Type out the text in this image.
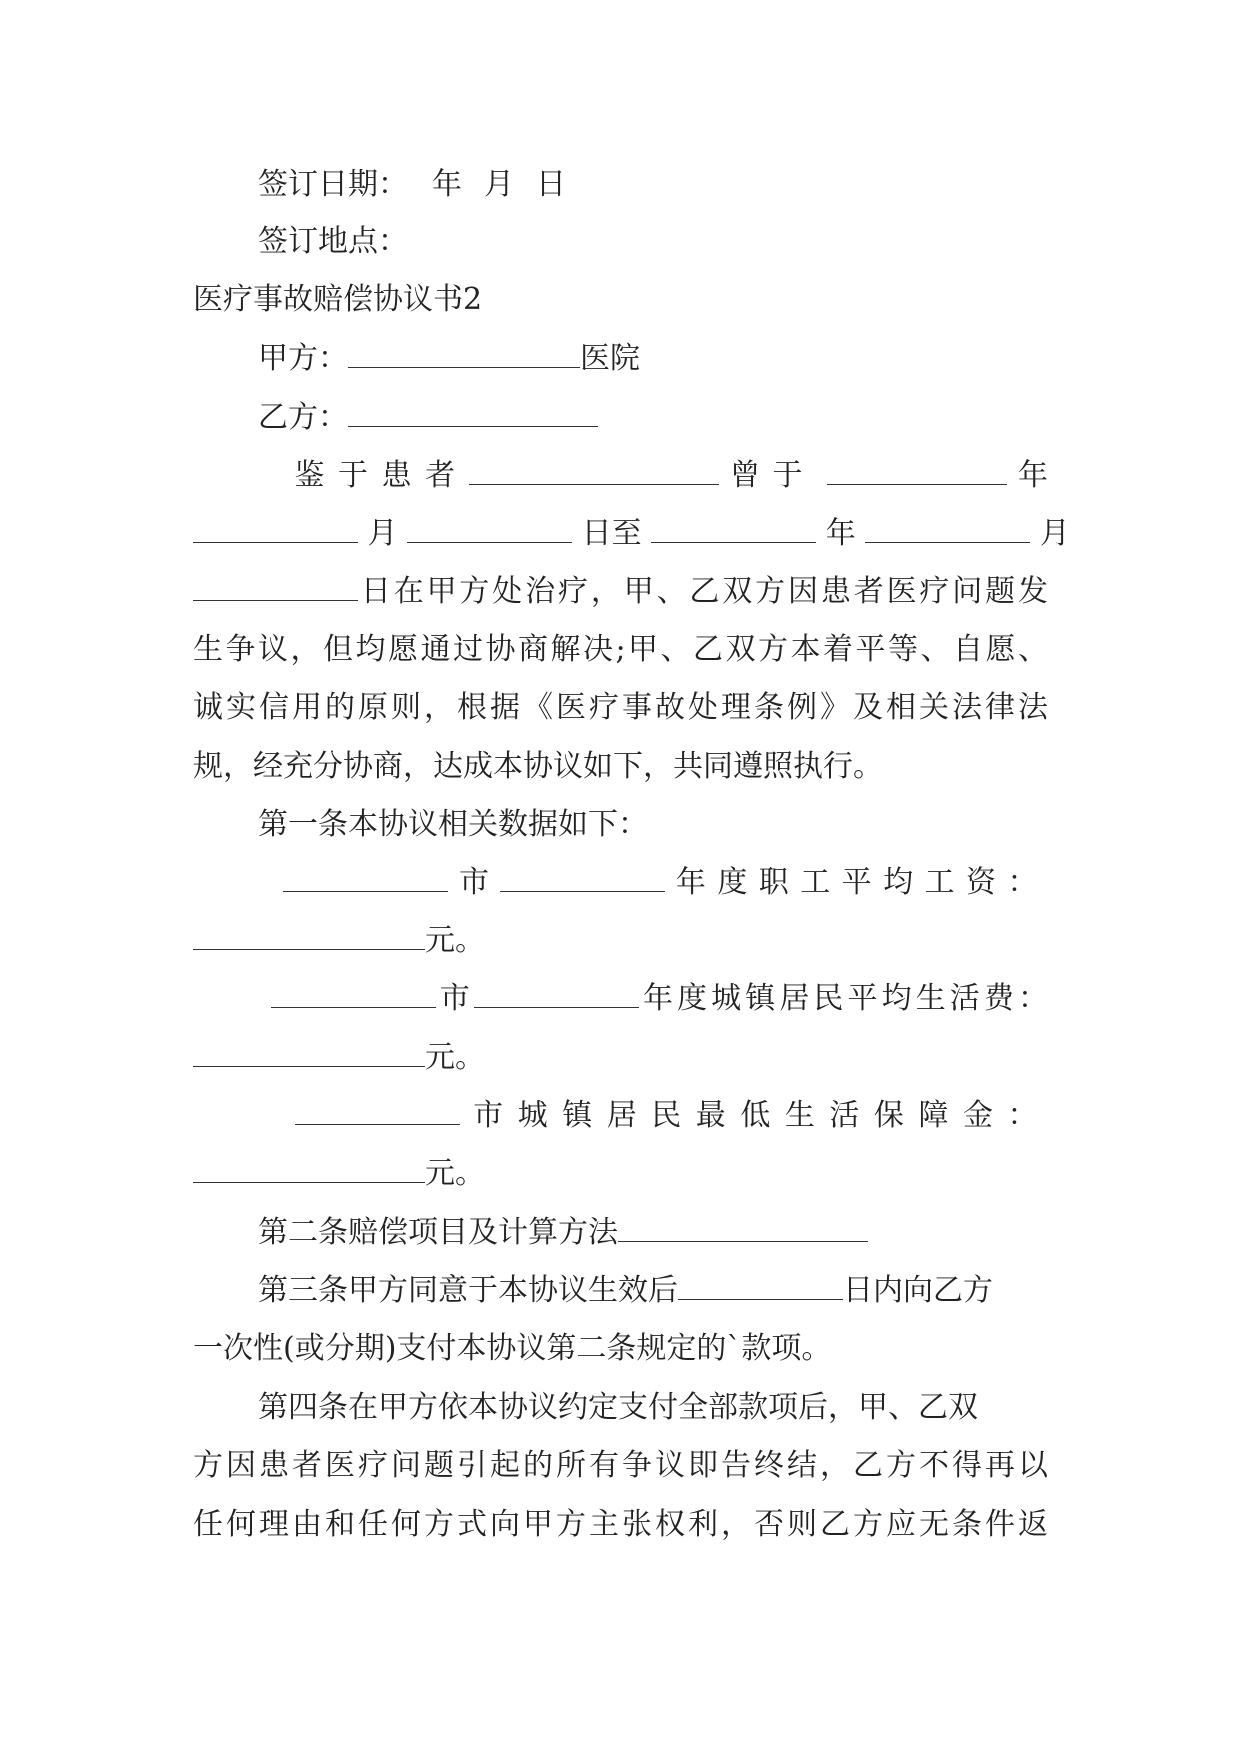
签订日期： 年 月 日
签订地点：
医疗事故赔偿协议书2
甲方：	医院
乙方：
鉴 于 患 者	曾于	年
月	日至	年	月
日在甲方处治疗，甲、乙双方因患者医疗问题发
生争议，但均愿通过协商解决;甲、乙双方本着平等、自愿、
诚实信用的原则，根据《医疗事故处理条例》及相关法律法
规，经充分协商，达成本协议如下，共同遵照执行。
第一条本协议相关数据如下：
市	年度职工平均工资：
元。
市	年度城镇居民平均生活费：
元。
市城镇居民最低生活保障金：
元。
第二条赔偿项目及计算方法
第三条甲方同意于本协议生效后	日内向乙方
一次性(或分期)支付本协议第二条规定的`款项。
第四条在甲方依本协议约定支付全部款项后，甲、乙双
方因患者医疗问题引起的所有争议即告终结，乙方不得再以
任何理由和任何方式向甲方主张权利，否则乙方应无条件返
